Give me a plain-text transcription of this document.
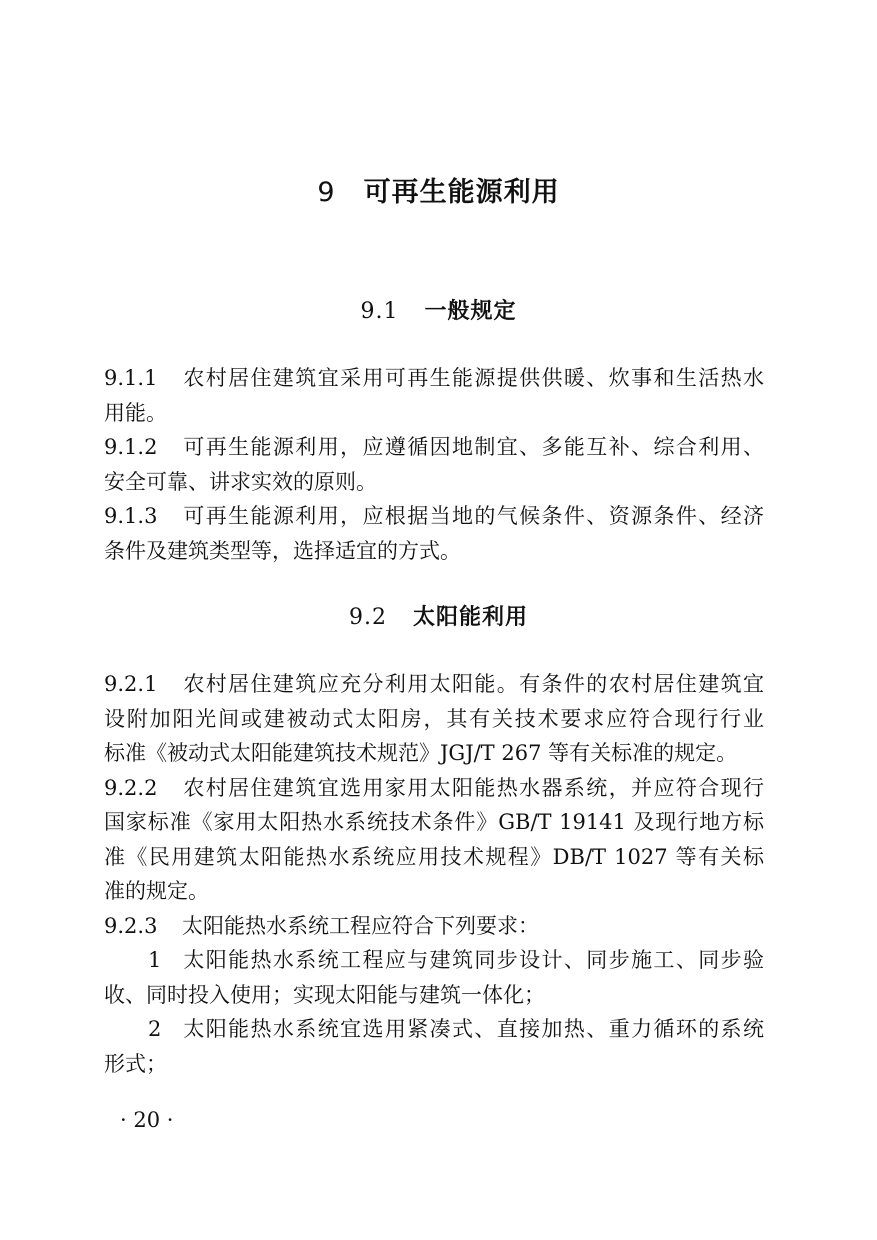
9 可再生能源利用
9.1 一般规定
9.1.1 农村居住建筑宜采用可再生能源提供供暖、炊事和生活热水
用能。
9.1.2 可再生能源利用，应遵循因地制宜、多能互补、综合利用、
安全可靠、讲求实效的原则。
9.1.3 可再生能源利用，应根据当地的气候条件、资源条件、经济
条件及建筑类型等，选择适宜的方式。
9.2 太阳能利用
9.2.1 农村居住建筑应充分利用太阳能。有条件的农村居住建筑宜
设附加阳光间或建被动式太阳房，其有关技术要求应符合现行行业
标准《被动式太阳能建筑技术规范》JGJ/T 267 等有关标准的规定。
9.2.2 农村居住建筑宜选用家用太阳能热水器系统，并应符合现行
国家标准《家用太阳热水系统技术条件》GB/T 19141 及现行地方标
准《民用建筑太阳能热水系统应用技术规程》DB/T 1027 等有关标
准的规定。
9.2.3 太阳能热水系统工程应符合下列要求：
1 太阳能热水系统工程应与建筑同步设计、同步施工、同步验
收、同时投入使用；实现太阳能与建筑一体化；
2 太阳能热水系统宜选用紧凑式、直接加热、重力循环的系统
形式；
· 20 ·
